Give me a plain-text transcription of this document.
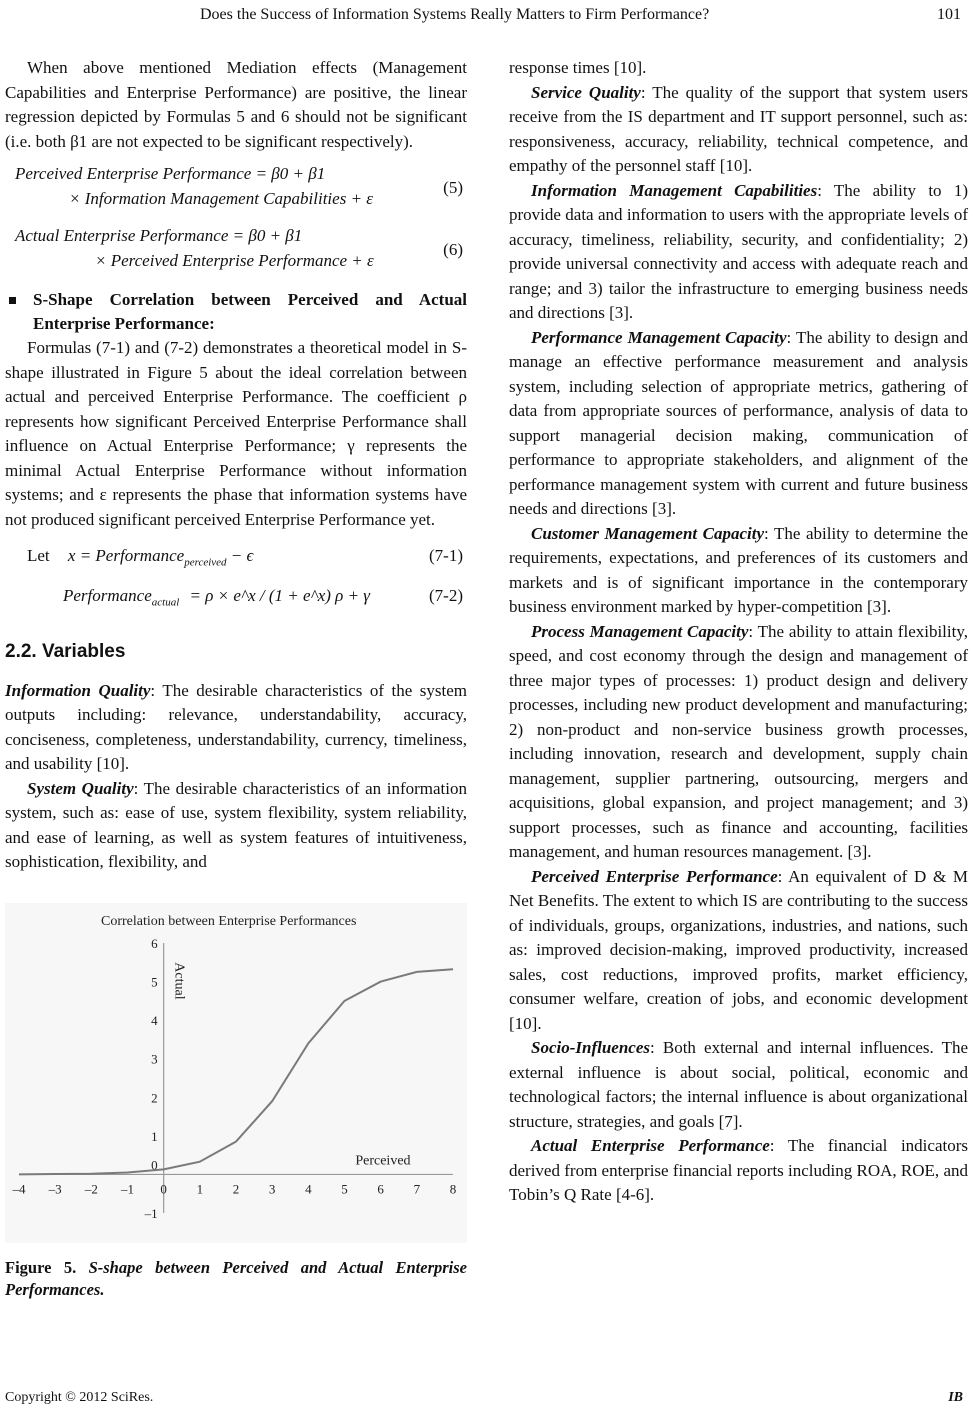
Does the Success of Information Systems Really Matters to Firm Performance?	101

When above mentioned Mediation effects (Management Capabilities and Enterprise Performance) are positive, the linear regression depicted by Formulas 5 and 6 should not be significant (i.e. both β1 are not expected to be significant respectively).

Perceived Enterprise Performance = β0 + β1
× Information Management Capabilities + ε
(5)
Actual Enterprise Performance = β0 + β1
× Perceived Enterprise Performance + ε
(6)
S-Shape Correlation between Perceived and Actual Enterprise Performance:

Formulas (7-1) and (7-2) demonstrates a theoretical model in S-shape illustrated in Figure 5 about the ideal correlation between actual and perceived Enterprise Performance. The coefficient ρ represents how significant Perceived Enterprise Performance shall influence on Actual Enterprise Performance; γ represents the minimal Actual Enterprise Performance without information systems; and ε represents the phase that information systems have not produced significant perceived Enterprise Performance yet.

Let x = Performance$_{perceived}$ − ϵ	(7-1)
Performance$_{actual}$ = ρ × e^x / (1 + e^x) ρ + γ	(7-2)
2.2. Variables

Information Quality: The desirable characteristics of the system outputs including: relevance, understandability, accuracy, conciseness, completeness, understandability, currency, timeliness, and usability [10].

System Quality: The desirable characteristics of an information system, such as: ease of use, system flexibility, system reliability, and ease of learning, as well as system features of intuitiveness, sophistication, flexibility, and

Correlation between Enterprise Performances
–4 –3 –2 –1 0 1 2 3 4 5 6 7 8
–1
1
2
3
4
5
6
0
Actual
Perceived

Figure 5. S-shape between Perceived and Actual Enterprise Performances.

response times [10].

Service Quality: The quality of the support that system users receive from the IS department and IT support personnel, such as: responsiveness, accuracy, reliability, technical competence, and empathy of the personnel staff [10].

Information Management Capabilities: The ability to 1) provide data and information to users with the appropriate levels of accuracy, timeliness, reliability, security, and confidentiality; 2) provide universal connectivity and access with adequate reach and range; and 3) tailor the infrastructure to emerging business needs and directions [3].

Performance Management Capacity: The ability to design and manage an effective performance measurement and analysis system, including selection of appropriate metrics, gathering of data from appropriate sources of performance, analysis of data to support managerial decision making, communication of performance to appropriate stakeholders, and alignment of the performance management system with current and future business needs and directions [3].

Customer Management Capacity: The ability to determine the requirements, expectations, and preferences of its customers and markets and is of significant importance in the contemporary business environment marked by hyper-competition [3].

Process Management Capacity: The ability to attain flexibility, speed, and cost economy through the design and management of three major types of processes: 1) product design and delivery processes, including new product development and manufacturing; 2) non-product and non-service business growth processes, including innovation, research and development, supply chain management, supplier partnering, outsourcing, mergers and acquisitions, global expansion, and project management; and 3) support processes, such as finance and accounting, facilities management, and human resources management. [3].

Perceived Enterprise Performance: An equivalent of D & M Net Benefits. The extent to which IS are contributing to the success of individuals, groups, organizations, industries, and nations, such as: improved decision-making, improved productivity, increased sales, cost reductions, improved profits, market efficiency, consumer welfare, creation of jobs, and economic development [10].

Socio-Influences: Both external and internal influences. The external influence is about social, political, economic and technological factors; the internal influence is about organizational structure, strategies, and goals [7].

Actual Enterprise Performance: The financial indicators derived from enterprise financial reports including ROA, ROE, and Tobin’s Q Rate [4-6].

Copyright © 2012 SciRes.	IB
